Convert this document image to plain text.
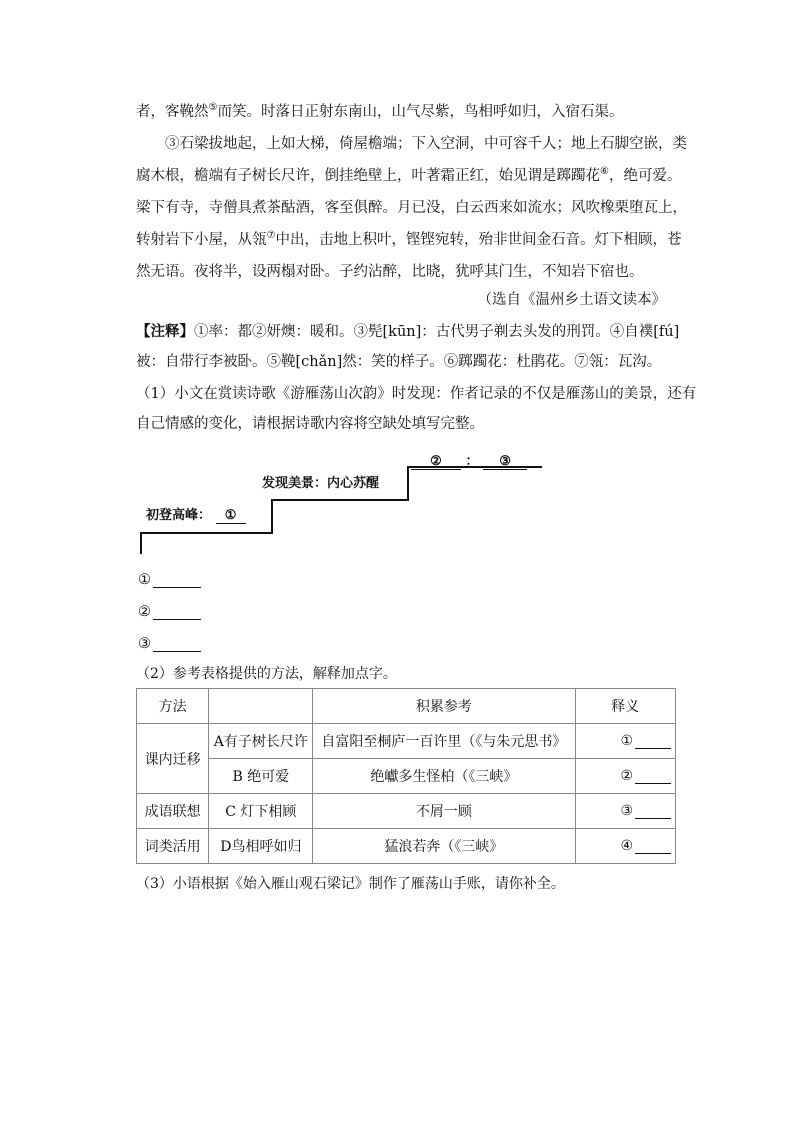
者，客鞔然⑤而笑。时落日正射东南山，山气尽紫，鸟相呼如归，入宿石渠。
③石梁拔地起，上如大梯，倚屋檐端；下入空洞，中可容千人；地上石脚空嵌，类
腐木根，檐端有子树长尺许，倒挂绝壁上，叶著霜正红，始见谓是踯躅花⑥，绝可爱。
梁下有寺，寺僧具煮茶酤酒，客至俱醉。月已没，白云西来如流水；风吹橡栗堕瓦上，
转射岩下小屋，从瓴⑦中出，击地上积叶，铿铿宛转，殆非世间金石音。灯下相顾，苍
然无语。夜将半，设两榻对卧。子约沾醉，比晓，犹呼其门生，不知岩下宿也。
（选自《温州乡土语文读本》
【注释】①率：都②妍燠：暖和。③髡[kūn]：古代男子剃去头发的刑罚。④自襆[fú]
被：自带行李被卧。⑤鞔[chǎn]然：笑的样子。⑥踯躅花：杜鹃花。⑦瓴：瓦沟。
（1）小文在赏读诗歌《游雁荡山次韵》时发现：作者记录的不仅是雁荡山的美景，还有
自己情感的变化，请根据诗歌内容将空缺处填写完整。
初登高峰： ①
发现美景：内心苏醒
② ： ③
①
②
③
（2）参考表格提供的方法，解释加点字。
方法		积累参考	释义
课内迁移	A有子树长尺许	自富阳至桐庐一百许里（《与朱元思书》	①

	B 绝可爱	绝巘多生怪柏（《三峡》	②

成语联想	C 灯下相顾	不屑一顾	③

词类活用	D鸟相呼如归	猛浪若奔（《三峡》	④
（3）小语根据《始入雁山观石梁记》制作了雁荡山手账，请你补全。
